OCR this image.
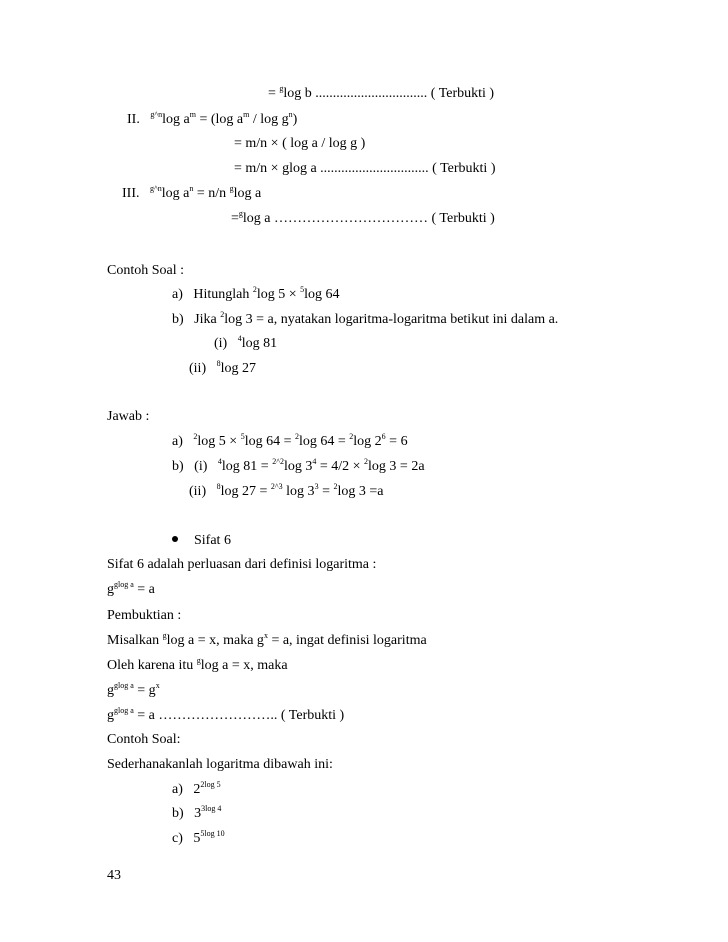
= $^g$log b ................................ ( Terbukti )
II.   $^{g\^{}n}$log $a^m = (\log$ $a^m$ / $\log g^n$)
= m/n × ( log a / log g )
= m/n × glog a ............................... ( Terbukti )
III.   $^{g\^{}n}$log $a^n = n/n$ $^g$log a
=$^g$log a …………………………… ( Terbukti )
Contoh Soal :
a)   Hitunglah $^2$log 5 × $^5$log 64
b)   Jika $^2$log 3 = a, nyatakan logaritma-logaritma betikut ini dalam a.
(i)   $^4$log 81
(ii)   $^8$log 27
Jawab :
a)   $^2$log 5 × $^5$log 64 = $^2$log 64 = $^2$log $2^6 = 6$
b)   (i)   $^4$log 81 = $^{2\^{}2}$log $3^4 = 4/2 \times ^2\log$ 3 = 2a
(ii)   $^8$log 27 = $^{2\^{}3}$ $\log 3^3 = ^2\log$ 3 =a
Sifat 6
Sifat 6 adalah perluasan dari definisi logaritma :
$g^{glog a} = a$
Pembuktian :
Misalkan $^g$log a = x, maka $g^x = a$, ingat definisi logaritma
Oleh karena itu $^g$log a = x, maka
$g^{glog a} = g^x$
$g^{glog a} = a$ …………………….. ( Terbukti )
Contoh Soal:
Sederhanakanlah logaritma dibawah ini:
a)   $2^{2log 5}$
b)   $3^{3log 4}$
c)   $5^{5log 10}$
43
